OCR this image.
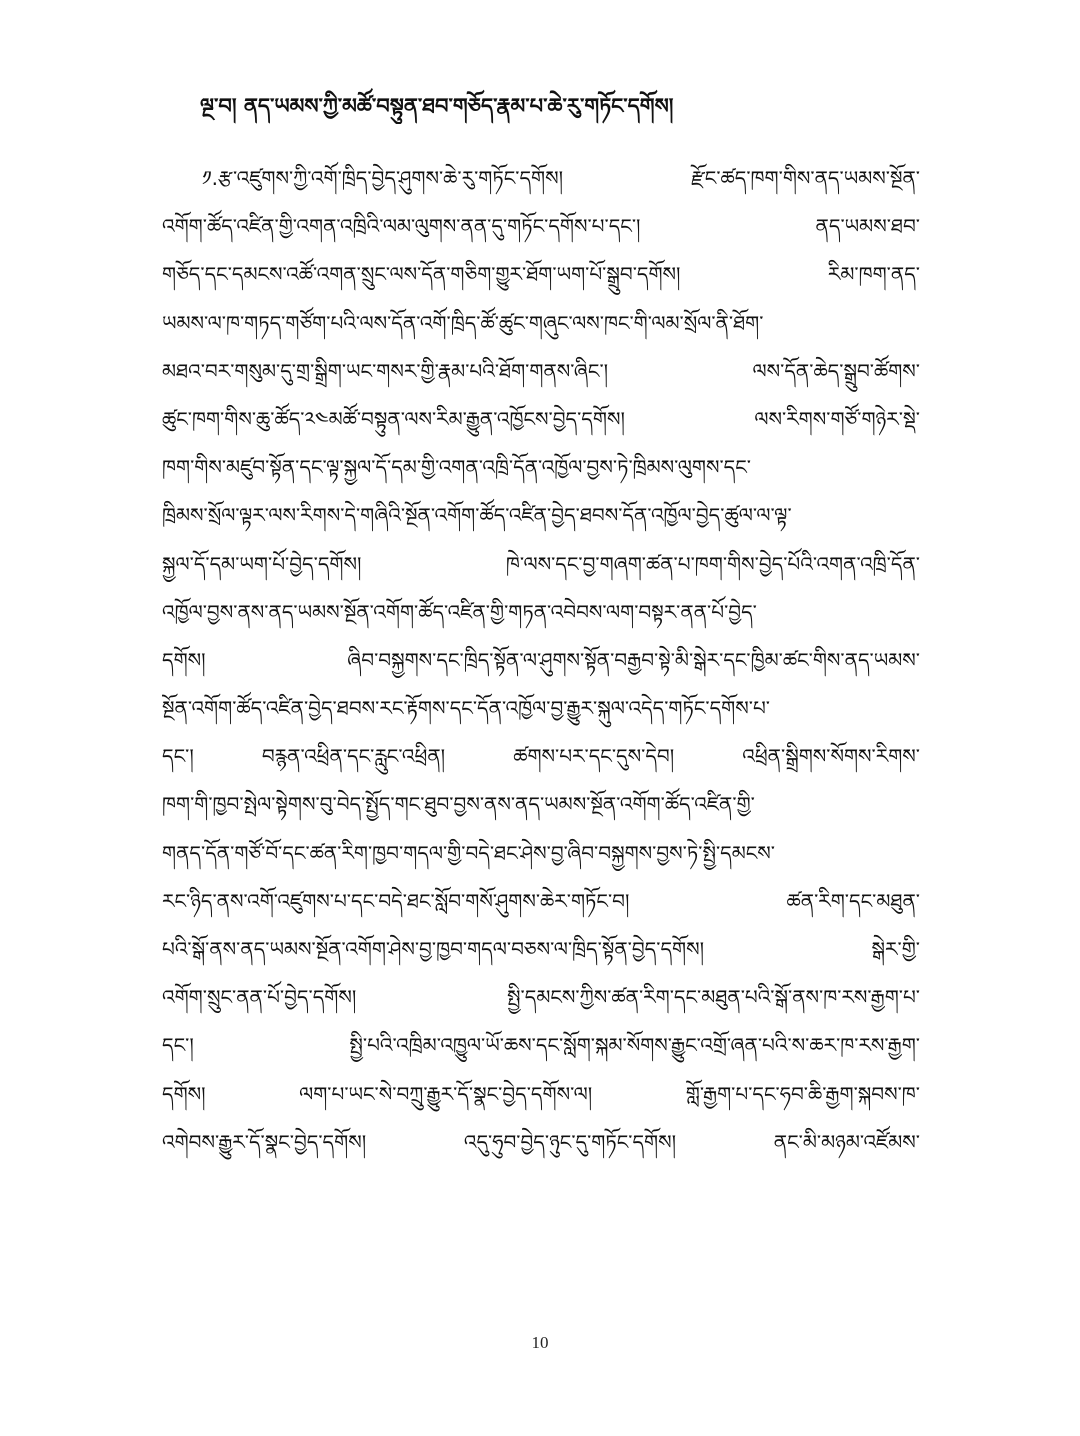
ལྔ་བ། ནད་ཡམས་ཀྱི་མཚོ་བསྟུན་ཐབ་གཅོད་རྣམ་པ་ཆེ་རུ་གཏོང་དགོས།
༡.རྩ་འཛུགས་ཀྱི་འགོ་ཁྲིད་བྱེད་ཤུགས་ཆེ་རུ་གཏོང་དགོས། རྫོང་ཚད་ཁག་གིས་ནད་ཡམས་སྔོན་
འགོག་ཚོད་འཛིན་གྱི་འགན་འཁྲིའི་ལམ་ལུགས་ནན་དུ་གཏོང་དགོས་པ་དང་། ནད་ཡམས་ཐབ་
གཅོད་དང་དམངས་འཚོ་འགན་སྲུང་ལས་དོན་གཅིག་གྱུར་ཐོག་ཡག་པོ་སྒྲུབ་དགོས། རིམ་ཁག་ནད་
ཡམས་ལ་ཁ་གཏད་གཙོག་པའི་ལས་དོན་འགོ་ཁྲིད་ཚོ་ཚུང་གཞུང་ལས་ཁང་གི་ལམ་སྲོལ་ནི་ཐོག་
མཐའ་བར་གསུམ་དུ་གྲ་སྒྲིག་ཡང་གསར་གྱི་རྣམ་པའི་ཐོག་གནས་ཞིང་། ལས་དོན་ཆེད་སྒྲུབ་ཚོགས་
ཚུང་ཁག་གིས་ཆུ་ཚོད་༢༤མཚོ་བསྟུན་ལས་རིམ་རྒྱུན་འཁྱོངས་བྱེད་དགོས། ལས་རིགས་གཙོ་གཉེར་སྡེ་
ཁག་གིས་མཛུབ་སྟོན་དང་ལྟ་སྐྱལ་དོ་དམ་གྱི་འགན་འཁྲི་དོན་འཁྱོལ་བྱས་ཏེ་ཁྲིམས་ལུགས་དང་
ཁྲིམས་སྲོལ་ལྟར་ལས་རིགས་དེ་གཞིའི་སྔོན་འགོག་ཚོད་འཛིན་བྱེད་ཐབས་དོན་འཁྱོལ་བྱེད་ཚུལ་ལ་ལྟ་
སྐྱལ་དོ་དམ་ཡག་པོ་བྱེད་དགོས། ཁེ་ལས་དང་བྱ་གཞག་ཚན་པ་ཁག་གིས་བྱེད་པོའི་འགན་འཁྲི་དོན་
འཁྱོལ་བྱས་ནས་ནད་ཡམས་སྔོན་འགོག་ཚོད་འཛིན་གྱི་གཏན་འབེབས་ལག་བསྟར་ནན་པོ་བྱེད་
དགོས། ཞིབ་བསྐྱགས་དང་ཁྲིད་སྟོན་ལ་ཤུགས་སྟོན་བརྒྱབ་སྟེ་མི་སྒེར་དང་ཁྱིམ་ཚང་གིས་ནད་ཡམས་
སྔོན་འགོག་ཚོད་འཛིན་བྱེད་ཐབས་རང་རྟོགས་དང་དོན་འཁྱོལ་བྱ་རྒྱུར་སྐུལ་འདེད་གཏོང་དགོས་པ་
དང་། བརྙན་འཕྲིན་དང་རླུང་འཕྲིན། ཚགས་པར་དང་དུས་དེབ། འཕྲིན་སྒྲིགས་སོགས་རིགས་
ཁག་གི་ཁྱབ་སྤེལ་སྟེགས་བུ་བེད་སྤྱོད་གང་ཐུབ་བྱས་ནས་ནད་ཡམས་སྔོན་འགོག་ཚོད་འཛིན་གྱི་
གནད་དོན་གཙོ་བོ་དང་ཚན་རིག་ཁྱབ་གདལ་གྱི་བདེ་ཐང་ཤེས་བྱ་ཞིབ་བསྐྱགས་བྱས་ཏེ་སྤྱི་དམངས་
རང་ཉིད་ནས་འགོ་འཛུགས་པ་དང་བདེ་ཐང་སློབ་གསོ་ཤུགས་ཆེར་གཏོང་བ། ཚན་རིག་དང་མཐུན་
པའི་སྒོ་ནས་ནད་ཡམས་སྔོན་འགོག་ཤེས་བྱ་ཁྱབ་གདལ་བཅས་ལ་ཁྲིད་སྟོན་བྱེད་དགོས། སྒེར་གྱི་
འགོག་སྲུང་ནན་པོ་བྱེད་དགོས། སྤྱི་དམངས་ཀྱིས་ཚན་རིག་དང་མཐུན་པའི་སྒོ་ནས་ཁ་རས་རྒྱག་པ་
དང་། སྤྱི་པའི་འཁྲིམ་འཁྱུལ་ཡོ་ཆས་དང་སློག་སྐམ་སོགས་རྒྱུང་འགྲོ་ཞན་པའི་ས་ཆར་ཁ་རས་རྒྱག་
དགོས། ལག་པ་ཡང་སེ་བཀྲུ་རྒྱུར་དོ་སྣང་བྱེད་དགོས་ལ། གློ་རྒྱག་པ་དང་ཧབ་ཆི་རྒྱག་སྐབས་ཁ་
འགེབས་རྒྱུར་དོ་སྣང་བྱེད་དགོས། འདུ་ཧུབ་བྱེད་ཉུང་དུ་གཏོང་དགོས། ནང་མི་མཉམ་འཛོམས་
10
